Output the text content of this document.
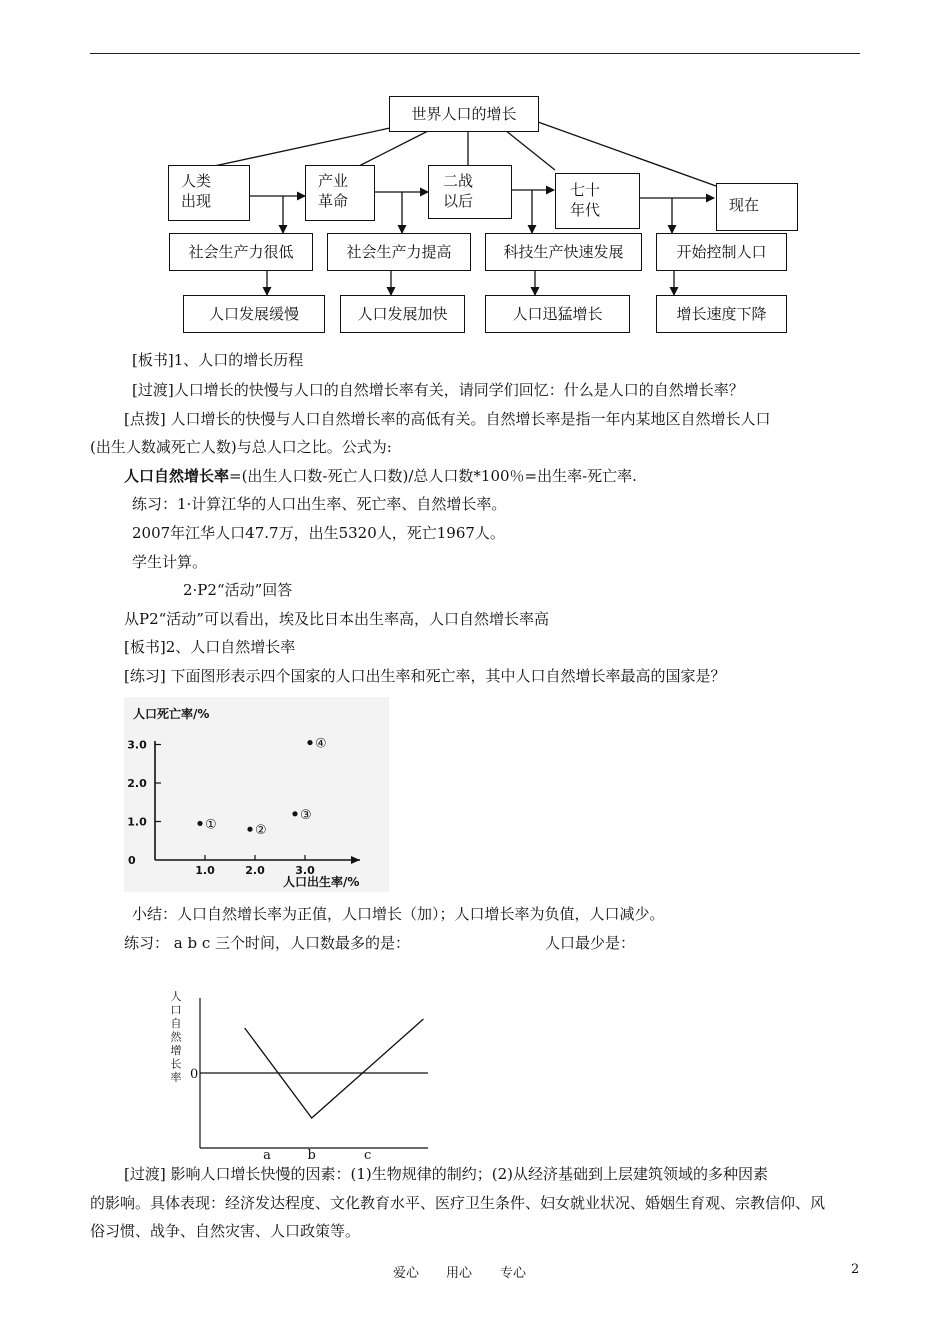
世界人口的增长
人类
出现
产业
革命
二战
以后
七十
年代	现在
社会生产力很低	社会生产力提高	科技生产快速发展	开始控制人口
人口发展缓慢	人口发展加快	人口迅猛增长	增长速度下降
[板书]1、人口的增长历程
[过渡]人口增长的快慢与人口的自然增长率有关，请同学们回忆：什么是人口的自然增长率？
[点拨] 人口增长的快慢与人口自然增长率的高低有关。自然增长率是指一年内某地区自然增长人口
(出生人数减死亡人数)与总人口之比。公式为:
人口自然增长率=(出生人口数-死亡人口数)/总人口数*100％=出生率-死亡率.
练习：1·计算江华的人口出生率、死亡率、自然增长率。
2007年江华人口47.7万，出生5320人，死亡1967人。
学生计算。
2·P2“活动”回答
从P2“活动”可以看出，埃及比日本出生率高，人口自然增长率高
[板书]2、人口自然增长率
[练习] 下面图形表示四个国家的人口出生率和死亡率，其中人口自然增长率最高的国家是？
人口死亡率/%
人口出生率/%
3.0
2.0
1.0
1.0	2.0	3.0
0
①	②
③
④
小结：人口自然增长率为正值，人口增长（加）；人口增长率为负值，人口减少。
练习： a b c 三个时间，人口数最多的是：	人口最少是：
0
人
口
自
然
增
长
率
a	b	c
[过渡] 影响人口增长快慢的因素：(1)生物规律的制约；(2)从经济基础到上层建筑领域的多种因素
的影响。具体表现：经济发达程度、文化教育水平、医疗卫生条件、妇女就业状况、婚姻生育观、宗教信仰、风
俗习惯、战争、自然灾害、人口政策等。
爱心 用心 专心	2
